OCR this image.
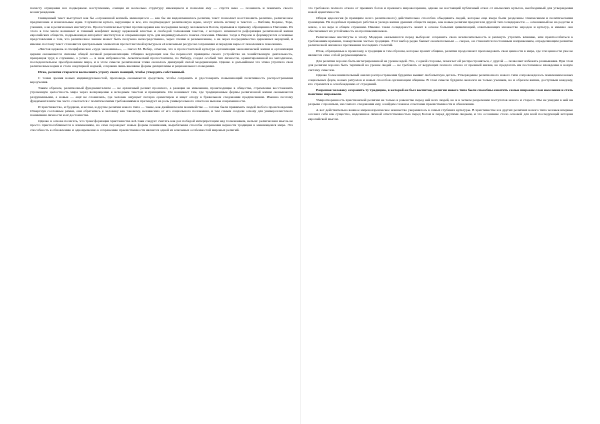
попасту отрицания все подвержено наступлению, очищая из несколько структуру имеющиеся и позволяя ему — спустя века — познавать и понимать своего вознаграждения.

Священный текст выступает как бы «ограненной копией» имеющегося — как бы ни видоизменялась религия, текст позволяет восстановить религию, религиозное предписание и изначальные идеи. Служители культа, верующие и все, кто подтверждает религиозную идею, могут искать истину в текстах — Библии, Коране, Торе, учениях, а не в религиозных институтах. Протестантизм выступил против церкви как посредника между человеком и Богом, призывая к прямому обращению к Писанию. Из этого в том числе возникает и главный конфликт между церковной властью и свободой толкования текстов, с которого начинается реформация религиозной жизни европейских обществ, подрывающая авторитет институтов и открывающая путь для индивидуального поиска спасения. Именно тогда в Европе и формируются основные представления о том, что религиозное знание может быть получено непосредственно, через чтение и размышление, а не через посредничество церковных иерархий, и именно поэтому текст становится центральным элементом протестантской культуры и её ключевым ресурсом сохранения и передачи веры от поколения к поколению.

«Чистая церковь и специфическая «чуда экономика»», — писал М. Вебер, отмечая, что в протестантской культуре организация экономической жизни и организация церкви оказываются связаны общей логикой рационализации. Община верующих как бы переносит принципы своего устройства на хозяйственную деятельность, превращая труд в служение, а успех — в знак избранности. Аскетический протестантизм, по Веберу, создал особый тип личности, ориентированной на методичное, последовательное преобразование мира, и в этом смысле религиозная этика оказалась движущей силой модернизации. Однако в дальнейшем эта этика утратила свои религиозные корни и стала секулярной нормой, сохранив лишь внешние формы дисциплины и рационального поведения.

Итак, религия старается восполнить утрату своих позиций, чтобы утвердить собственный.

С точки зрения новых индивидуальностей, проповедь оказывается средством, чтобы сохранить и удостоверить повышающий позитивность распространения вероучения.

Таким образом, религиозный фундаментализм — не архаичный реликт прошлого, а реакция на изменения, происходящие в обществе, стремление восстановить утраченную целостность мира через возвращение к исходным текстам и принципам. Он возникает там, где традиционные формы религиозной жизни оказываются разрушенными, а новые — ещё не сложились, где человек ощущает потерю ориентиров и ищет опору в буквальном следовании предписаниям. Именно поэтому фундаментализм так часто сочетается с политическими требованиями и претендует на роль универсального ответа на вызовы современности.

И христианство, и буддизм, и ислам, и другие религии нового типа — такие, как джайнизм или манихейство — готовы были принимать людей любого происхождения. Отвергнув сословные рамки, они обратились к человеку как таковому, независимо от его социального положения, и тем самым создали основу для универсалистского понимания личности и её достоинства.

Однако в основе полагать, что трансформация христианства всё-таки следует считать как раз победой интерпретации над толкованием, нельзя: религиозная мысль не просто приспосабливается к изменениям, но сама порождает новые формы понимания, вырабатывая способы сохранения верности традиции в меняющемся мире. Эта способность к обновлению и одновременно к сохранению преемственности является одной из ключевых особенностей мировых религий.

это требовало полного отказа от прежних богов и прежнего мировоззрения, однако не настоящий публичный отказ от языческих культов, необходимый для утверждения новой идентичности.

Общая идеология (в принципе всего религиозного) действительно способна объединять людей, которые еще вчера были разделены этническими и политическими границами. На подобных примерах рабства и уклада жизни древних обществ видно, как новые религии предлагали другой тип солидарности — основанный не на родстве и земле, а на вере и общем служении. Именно такая солидарность лежит в основе больших цивилизаций, охватывающих множество народов и культур, и именно она обеспечивает их устойчивость на протяжении веков.

Религиозные институты в эпоху Модерна оказываются перед выбором: сохранить свою исключительность и рискнуть утратить влияние, или приспособиться к требованиям времени, пожертвовав частью традиции. Этот выбор редко бывает окончательным — скорее, он становится постоянным напряжением, определяющим развитие религиозной жизни на протяжении последних столетий.

Итак, обращенные к прошлому, к традиции и тем образам, которые хранит община, религии продолжают проповедовать свои ценности в мире, где эти ценности уже не являются само собой разумеющимися.

Для религии хорошо быть интегрированной на уровне идей. Это, с одной стороны, помогает ей распространяться, с другой — позволяет избежать размывания. При этом для религии хорошо быть терпимой на уровне людей — не требовать от верующих полного отказа от прежней жизни, но предлагать им постепенное вхождение в новую систему смыслов.

Однако более внимательный анализ распространения буддизма выявит любопытную деталь. Утверждение религиозного нового типа сопровождалось появлением новых социальных форм, новых ритуалов и новых способов организации общины. В этом смысле буддизм оказался не только учением, но и образом жизни, доступным каждому, кто стремится к освобождению от страданий.

Разрешая человеку сохранить ту традицию, в которой он был воспитан, религии нового типа были способны охватить самые широкие слои населения и стать поистине мировыми.

Умиротворенность христианской религии не только в равенстве перед ней всех людей, но и в четком разделении постулатов нового и старого. Мы не увидим в ней ни разрыва с прошлым, ни слепого следования ему, а найдем сложное сочетание преемственности и обновления.

А вот действительно важное мировоззренческое новшество укоренилось в самых глубинах культуры. В христианстве и в других религиях нового типа человек впервые осознал себя как существо, наделенное личной ответственностью перед Богом и перед другими людьми, и это осознание стало основой для всей последующей истории европейской мысли.
